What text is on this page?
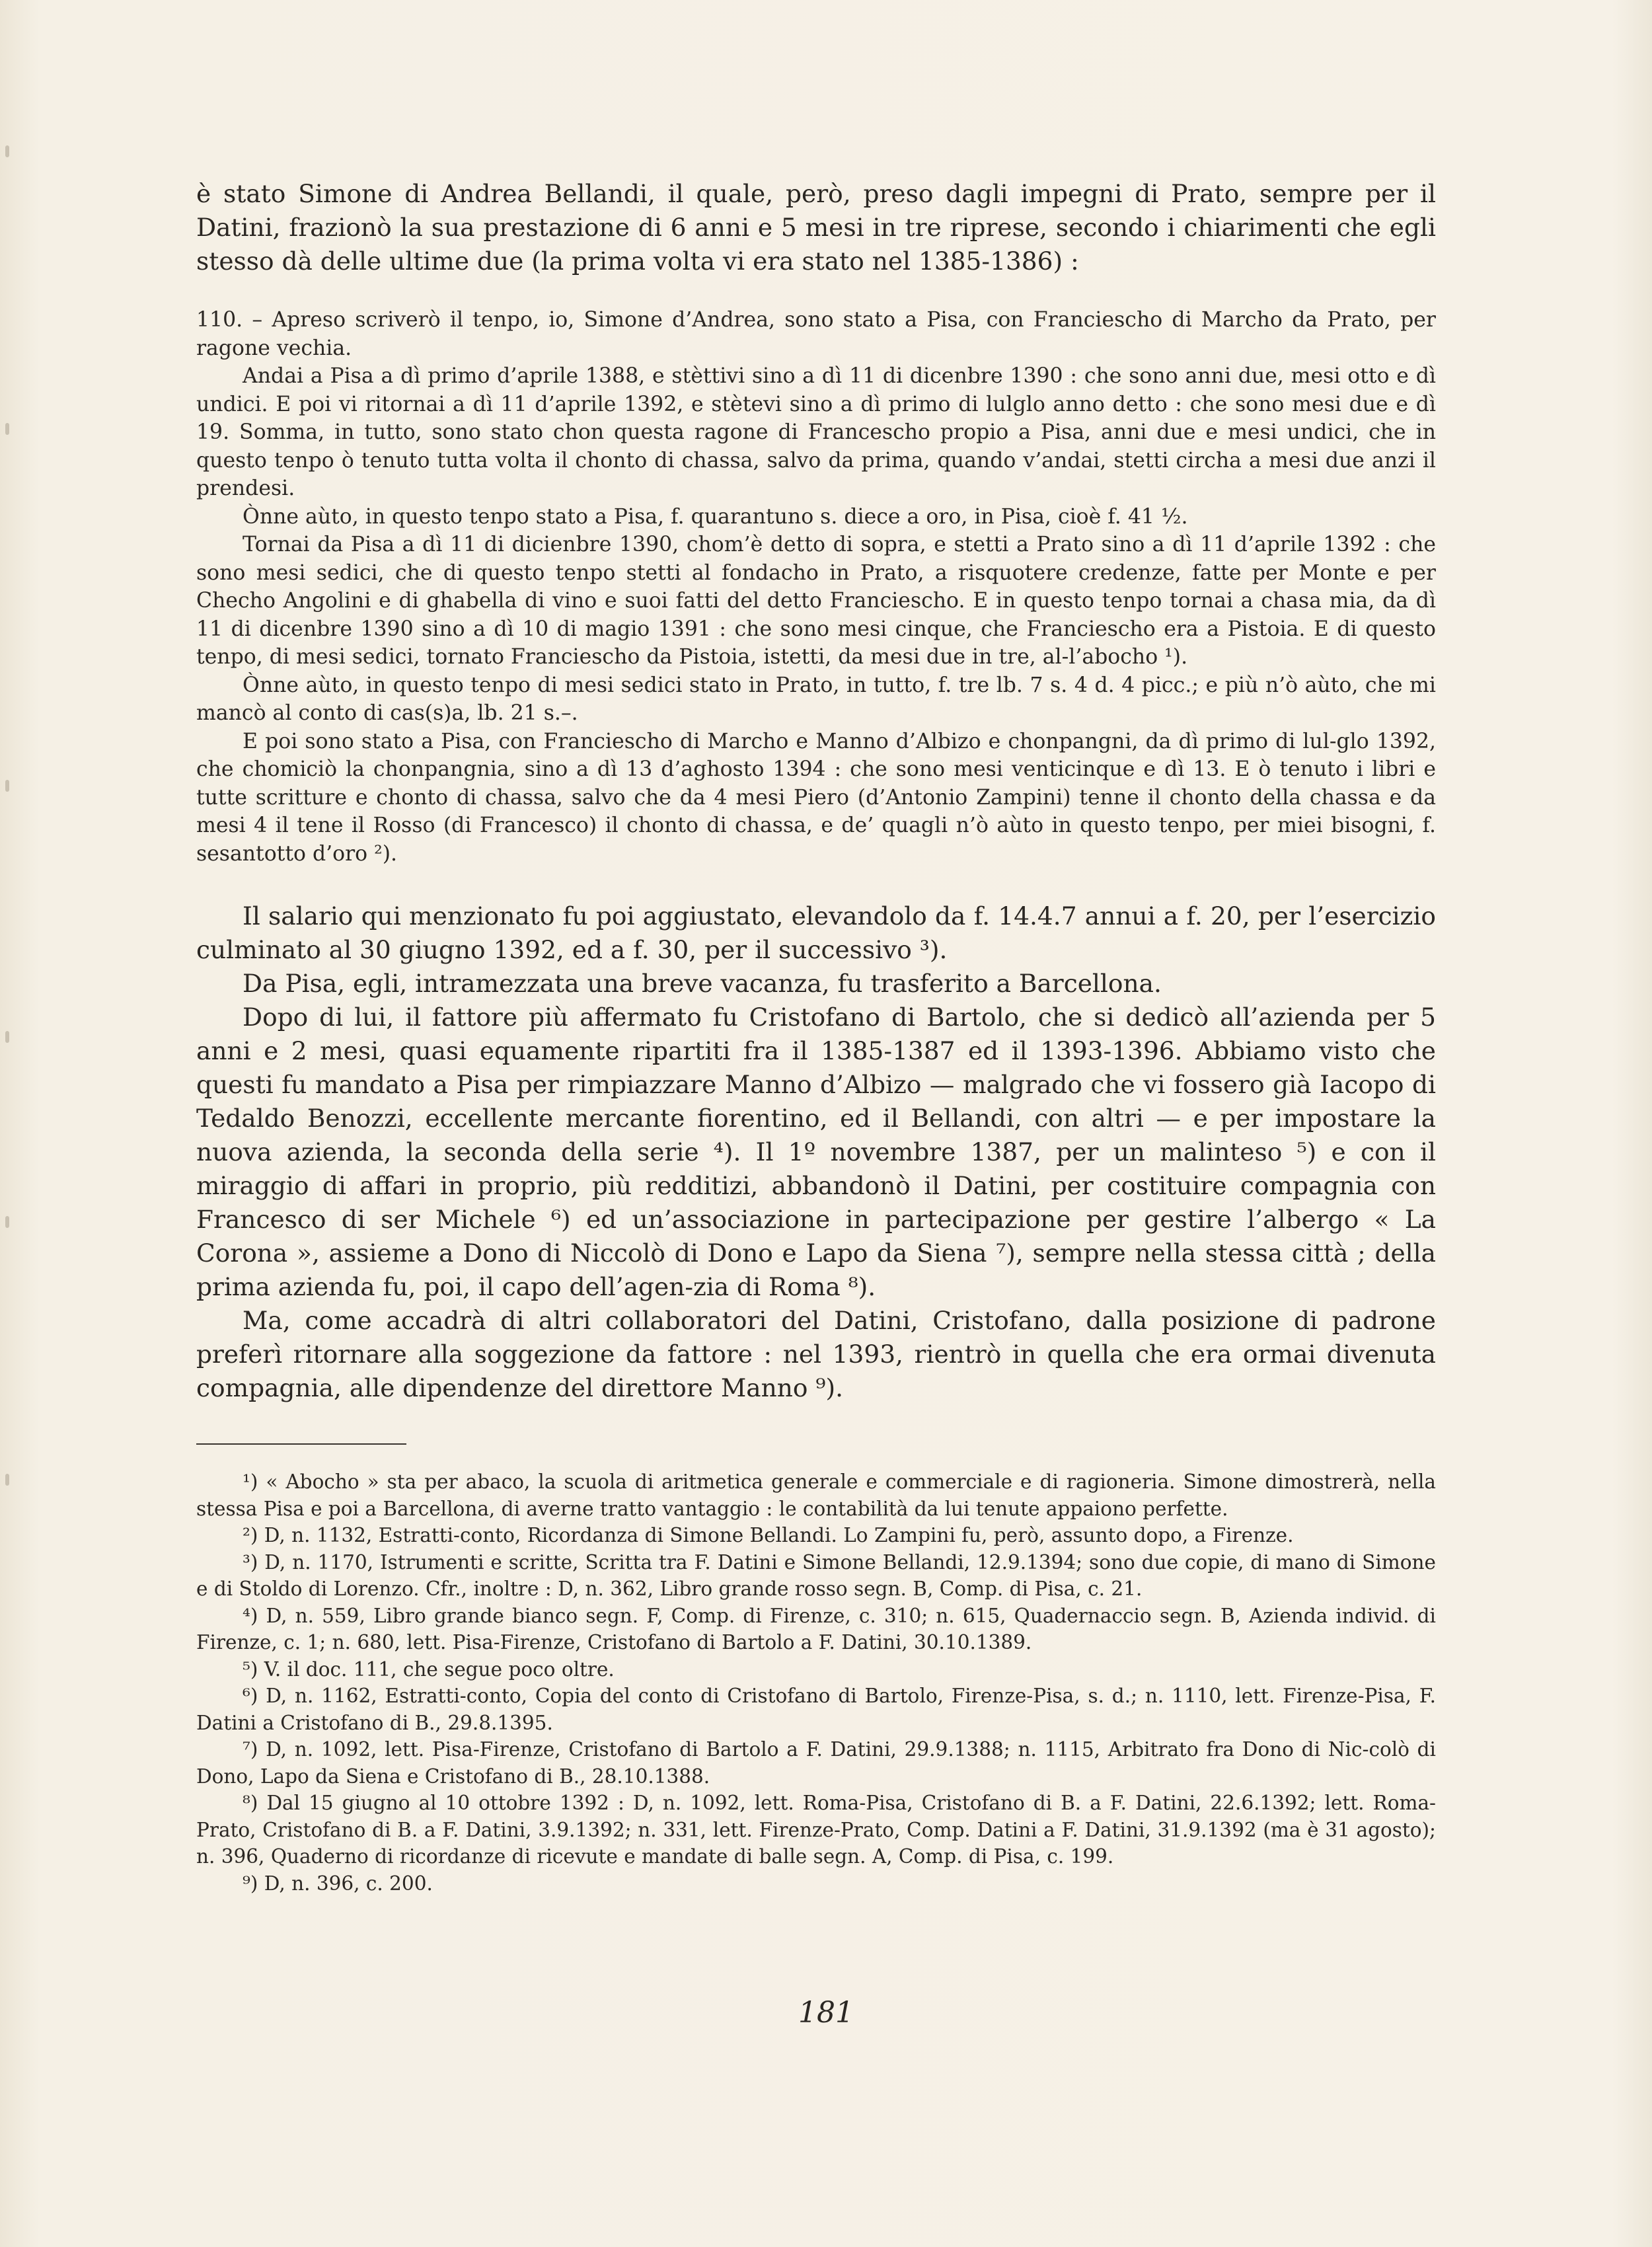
è stato Simone di Andrea Bellandi, il quale, però, preso dagli impegni di Prato, sempre per il Datini, frazionò la sua prestazione di 6 anni e 5 mesi in tre riprese, secondo i chiarimenti che egli stesso dà delle ultime due (la prima volta vi era stato nel 1385-1386) :

110. – Apreso scriverò il tenpo, io, Simone d’Andrea, sono stato a Pisa, con Franciescho di Marcho da Prato, per ragone vechia.

Andai a Pisa a dì primo d’aprile 1388, e stèttivi sino a dì 11 di dicenbre 1390 : che sono anni due, mesi otto e dì undici. E poi vi ritornai a dì 11 d’aprile 1392, e stètevi sino a dì primo di lulglo anno detto : che sono mesi due e dì 19. Somma, in tutto, sono stato chon questa ragone di Franceschо propio a Pisa, anni due e mesi undici, che in questo tenpo ò tenuto tutta volta il chonto di chassa, salvo da prima, quando v’andai, stetti circha a mesi due anzi il prendesi.

Ònne aùto, in questo tenpo stato a Pisa, f. quarantuno s. diece a oro, in Pisa, cioè f. 41 ½.

Tornai da Pisa a dì 11 di dicienbre 1390, chom’è detto di sopra, e stetti a Prato sino a dì 11 d’aprile 1392 : che sono mesi sedici, che di questo tenpo stetti al fondacho in Prato, a risquotere credenze, fatte per Monte e per Checho Angolini e di ghabella di vino e suoi fatti del detto Franciescho. E in questo tenpo tornai a chasa mia, da dì 11 di dicenbre 1390 sino a dì 10 di magio 1391 : che sono mesi cinque, che Franciescho era a Pistoia. E di questo tenpo, di mesi sedici, tornato Franciescho da Pistoia, istetti, da mesi due in tre, al-l’abocho ¹).

Ònne aùto, in questo tenpo di mesi sedici stato in Prato, in tutto, f. tre lb. 7 s. 4 d. 4 picc.; e più n’ò aùto, che mi mancò al conto di cas(s)a, lb. 21 s.–.

E poi sono stato a Pisa, con Franciescho di Marcho e Manno d’Albizo e chonpangni, da dì primo di lul-glo 1392, che chomiciò la chonpangnia, sino a dì 13 d’aghosto 1394 : che sono mesi venticinque e dì 13. E ò tenuto i libri e tutte scritture e chonto di chassa, salvo che da 4 mesi Piero (d’Antonio Zampini) tenne il chonto della chassa e da mesi 4 il tene il Rosso (di Francesco) il chonto di chassa, e de’ quagli n’ò aùto in questo tenpo, per miei bisogni, f. sesantotto d’oro ²).

Il salario qui menzionato fu poi aggiustato, elevandolo da f. 14.4.7 annui a f. 20, per l’esercizio culminato al 30 giugno 1392, ed a f. 30, per il successivo ³).

Da Pisa, egli, intramezzata una breve vacanza, fu trasferito a Barcellona.

Dopo di lui, il fattore più affermato fu Cristofano di Bartolo, che si dedicò all’azienda per 5 anni e 2 mesi, quasi equamente ripartiti fra il 1385-1387 ed il 1393-1396. Abbiamo visto che questi fu mandato a Pisa per rimpiazzare Manno d’Albizo — malgrado che vi fossero già Iacopo di Tedaldo Benozzi, eccellente mercante fiorentino, ed il Bellandi, con altri — e per impostare la nuova azienda, la seconda della serie ⁴). Il 1º novembre 1387, per un malinteso ⁵) e con il miraggio di affari in proprio, più redditizi, abbandonò il Datini, per costituire compagnia con Francesco di ser Michele ⁶) ed un’associazione in partecipazione per gestire l’albergo « La Corona », assieme a Dono di Niccolò di Dono e Lapo da Siena ⁷), sempre nella stessa città ; della prima azienda fu, poi, il capo dell’agen-zia di Roma ⁸).

Ma, come accadrà di altri collaboratori del Datini, Cristofano, dalla posizione di padrone preferì ritornare alla soggezione da fattore : nel 1393, rientrò in quella che era ormai divenuta compagnia, alle dipendenze del direttore Manno ⁹).

¹) « Abocho » sta per abaco, la scuola di aritmetica generale e commerciale e di ragioneria. Simone dimostrerà, nella stessa Pisa e poi a Barcellona, di averne tratto vantaggio : le contabilità da lui tenute appaiono perfette.

²) D, n. 1132, Estratti-conto, Ricordanza di Simone Bellandi. Lo Zampini fu, però, assunto dopo, a Firenze.

³) D, n. 1170, Istrumenti e scritte, Scritta tra F. Datini e Simone Bellandi, 12.9.1394; sono due copie, di mano di Simone e di Stoldo di Lorenzo. Cfr., inoltre : D, n. 362, Libro grande rosso segn. B, Comp. di Pisa, c. 21.

⁴) D, n. 559, Libro grande bianco segn. F, Comp. di Firenze, c. 310; n. 615, Quadernaccio segn. B, Azienda individ. di Firenze, c. 1; n. 680, lett. Pisa-Firenze, Cristofano di Bartolo a F. Datini, 30.10.1389.

⁵) V. il doc. 111, che segue poco oltre.

⁶) D, n. 1162, Estratti-conto, Copia del conto di Cristofano di Bartolo, Firenze-Pisa, s. d.; n. 1110, lett. Firenze-Pisa, F. Datini a Cristofano di B., 29.8.1395.

⁷) D, n. 1092, lett. Pisa-Firenze, Cristofano di Bartolo a F. Datini, 29.9.1388; n. 1115, Arbitrato fra Dono di Nic-colò di Dono, Lapo da Siena e Cristofano di B., 28.10.1388.

⁸) Dal 15 giugno al 10 ottobre 1392 : D, n. 1092, lett. Roma-Pisa, Cristofano di B. a F. Datini, 22.6.1392; lett. Roma-Prato, Cristofano di B. a F. Datini, 3.9.1392; n. 331, lett. Firenze-Prato, Comp. Datini a F. Datini, 31.9.1392 (ma è 31 agosto); n. 396, Quaderno di ricordanze di ricevute e mandate di balle segn. A, Comp. di Pisa, c. 199.

⁹) D, n. 396, c. 200.

181
